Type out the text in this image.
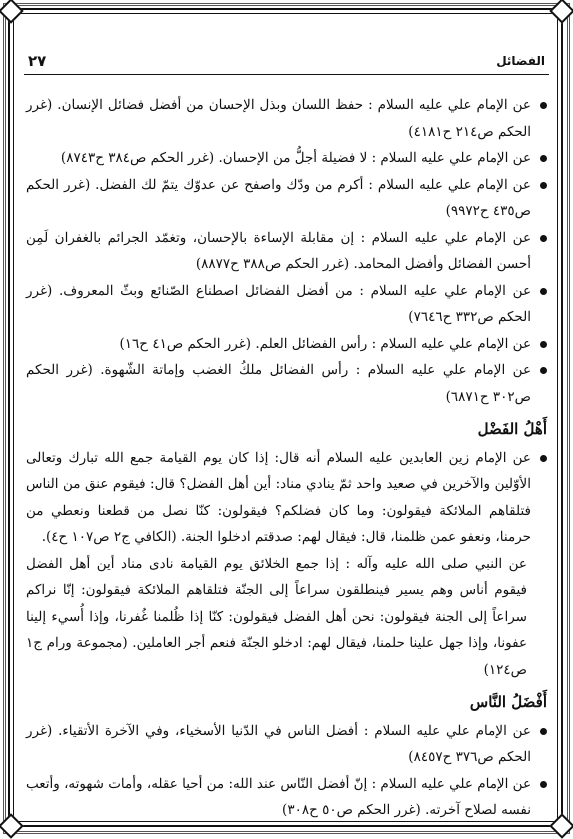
٢٧	الفضائل
عن الإمام علي عليه السلام : حفظ اللسان وبذل الإحسان من أفضل فضائل الإنسان. (غرر الحكم ص٢١٤ ح٤١٨١)
عن الإمام علي عليه السلام : لا فضيلة أجلُّ من الإحسان. (غرر الحكم ص٣٨٤ ح٨٧٤٣)
عن الإمام علي عليه السلام : أكرم من ودّك واصفح عن عدوّك يتمّ لك الفضل. (غرر الحكم ص٤٣٥ ح٩٩٧٢)
عن الإمام علي عليه السلام : إن مقابلة الإساءة بالإحسان، وتغمّد الجرائم بالغفران لَمِن أحسن الفضائل وأفضل المحامد. (غرر الحكم ص٣٨٨ ح٨٨٧٧)
عن الإمام علي عليه السلام : من أفضل الفضائل اصطناع الصّنائع وبثّ المعروف. (غرر الحكم ص٣٣٢ ح٧٦٤٦)
عن الإمام علي عليه السلام : رأس الفضائل العلم. (غرر الحكم ص٤١ ح١٦)
عن الإمام علي عليه السلام : رأس الفضائل ملكُ الغضب وإماتة الشّهوة. (غرر الحكم ص٣٠٢ ح٦٨٧١)
أَهْلُ الفَضْل
عن الإمام زين العابدين عليه السلام أنه قال: إذا كان يوم القيامة جمع الله تبارك وتعالى الأوّلين والآخرين في صعيد واحد ثمّ ينادي مناد: أين أهل الفضل؟ قال: فيقوم عنق من الناس فتلقاهم الملائكة فيقولون: وما كان فضلكم؟ فيقولون: كنّا نصل من قطعنا ونعطي من حرمنا، ونعفو عمن ظلمنا، قال: فيقال لهم: صدقتم ادخلوا الجنة. (الكافي ج٢ ص١٠٧ ح٤).

عن النبي صلى الله عليه وآله : إذا جمع الخلائق يوم القيامة نادى مناد أين أهل الفضل فيقوم أناس وهم يسير فينطلقون سراعاً إلى الجنّة فتلقاهم الملائكة فيقولون: إنّا نراكم سراعاً إلى الجنة فيقولون: نحن أهل الفضل فيقولون: كنّا إذا ظُلمنا غُفرنا، وإذا أُسيء إلينا عفونا، وإذا جهل علينا حلمنا، فيقال لهم: ادخلو الجنّة فنعم أجر العاملين. (مجموعة ورام ج١ ص١٢٤)

أَفْضَلُ النَّاس
عن الإمام علي عليه السلام : أفضل الناس في الدّنيا الأسخياء، وفي الآخرة الأتقياء. (غرر الحكم ص٣٧٦ ح٨٤٥٧)
عن الإمام علي عليه السلام : إنّ أفضل النّاس عند الله: من أحيا عقله، وأمات شهوته، وأتعب نفسه لصلاح آخرته. (غرر الحكم ص٥٠ ح٣٠٨)
